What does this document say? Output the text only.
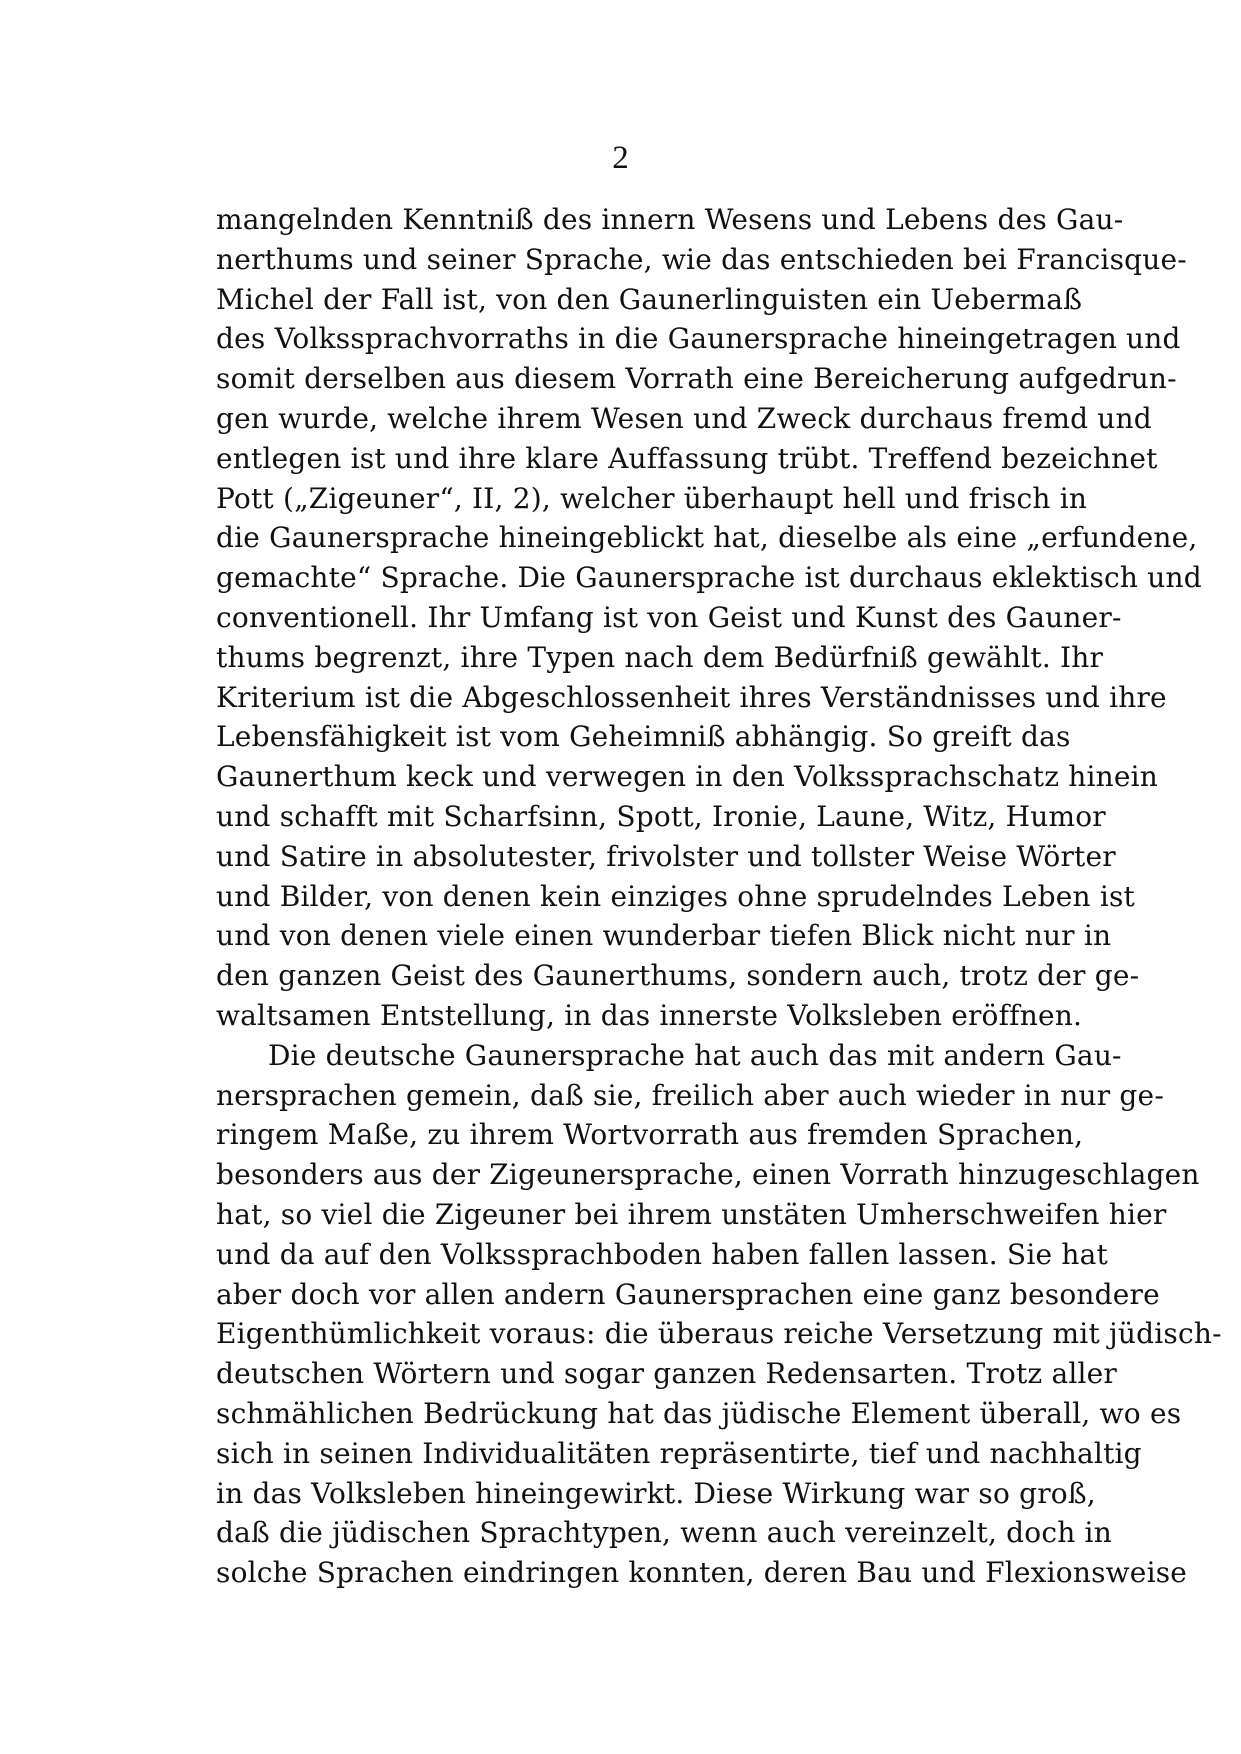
2
mangelnden Kenntniß des innern Wesens und Lebens des Gau-
nerthums und seiner Sprache, wie das entschieden bei Francisque-
Michel der Fall ist, von den Gaunerlinguisten ein Uebermaß
des Volkssprachvorraths in die Gaunersprache hineingetragen und
somit derselben aus diesem Vorrath eine Bereicherung aufgedrun-
gen wurde, welche ihrem Wesen und Zweck durchaus fremd und
entlegen ist und ihre klare Auffassung trübt. Treffend bezeichnet
Pott („Zigeuner“, II, 2), welcher überhaupt hell und frisch in
die Gaunersprache hineingeblickt hat, dieselbe als eine „erfundene,
gemachte“ Sprache. Die Gaunersprache ist durchaus eklektisch und
conventionell. Ihr Umfang ist von Geist und Kunst des Gauner-
thums begrenzt, ihre Typen nach dem Bedürfniß gewählt. Ihr
Kriterium ist die Abgeschlossenheit ihres Verständnisses und ihre
Lebensfähigkeit ist vom Geheimniß abhängig. So greift das
Gaunerthum keck und verwegen in den Volkssprachschatz hinein
und schafft mit Scharfsinn, Spott, Ironie, Laune, Witz, Humor
und Satire in absolutester, frivolster und tollster Weise Wörter
und Bilder, von denen kein einziges ohne sprudelndes Leben ist
und von denen viele einen wunderbar tiefen Blick nicht nur in
den ganzen Geist des Gaunerthums, sondern auch, trotz der ge-
waltsamen Entstellung, in das innerste Volksleben eröffnen.
Die deutsche Gaunersprache hat auch das mit andern Gau-
nersprachen gemein, daß sie, freilich aber auch wieder in nur ge-
ringem Maße, zu ihrem Wortvorrath aus fremden Sprachen,
besonders aus der Zigeunersprache, einen Vorrath hinzugeschlagen
hat, so viel die Zigeuner bei ihrem unstäten Umherschweifen hier
und da auf den Volkssprachboden haben fallen lassen. Sie hat
aber doch vor allen andern Gaunersprachen eine ganz besondere
Eigenthümlichkeit voraus: die überaus reiche Versetzung mit jüdisch-
deutschen Wörtern und sogar ganzen Redensarten. Trotz aller
schmählichen Bedrückung hat das jüdische Element überall, wo es
sich in seinen Individualitäten repräsentirte, tief und nachhaltig
in das Volksleben hineingewirkt. Diese Wirkung war so groß,
daß die jüdischen Sprachtypen, wenn auch vereinzelt, doch in
solche Sprachen eindringen konnten, deren Bau und Flexionsweise
